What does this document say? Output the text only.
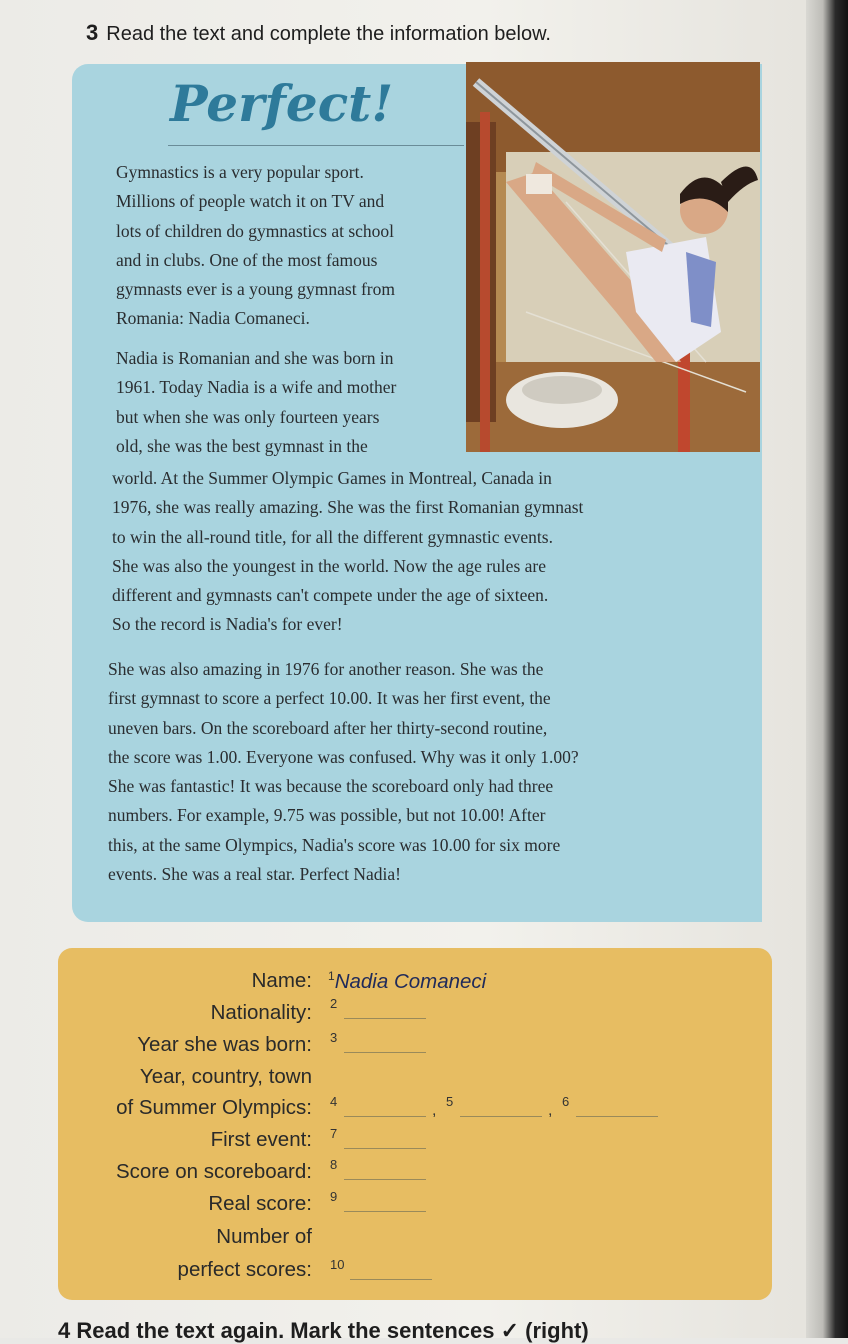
3 Read the text and complete the information below.
Perfect!
Gymnastics is a very popular sport.
Millions of people watch it on TV and
lots of children do gymnastics at school
and in clubs. One of the most famous
gymnasts ever is a young gymnast from
Romania: Nadia Comaneci.
Nadia is Romanian and she was born in
1961. Today Nadia is a wife and mother
but when she was only fourteen years
old, she was the best gymnast in the
world. At the Summer Olympic Games in Montreal, Canada in
1976, she was really amazing. She was the first Romanian gymnast
to win the all-round title, for all the different gymnastic events.
She was also the youngest in the world. Now the age rules are
different and gymnasts can't compete under the age of sixteen.
So the record is Nadia's for ever!
She was also amazing in 1976 for another reason. She was the
first gymnast to score a perfect 10.00. It was her first event, the
uneven bars. On the scoreboard after her thirty-second routine,
the score was 1.00. Everyone was confused. Why was it only 1.00?
She was fantastic! It was because the scoreboard only had three
numbers. For example, 9.75 was possible, but not 10.00! After
this, at the same Olympics, Nadia's score was 10.00 for six more
events. She was a real star. Perfect Nadia!
Name: $^1$Nadia Comaneci
Nationality: 2
Year she was born: 3
Year, country, town
of Summer Olympics: 4
,
5
,
6
First event: 7
Score on scoreboard: 8
Real score: 9
Number of
perfect scores: 10
4 Read the text again. Mark the sentences ✓ (right)
